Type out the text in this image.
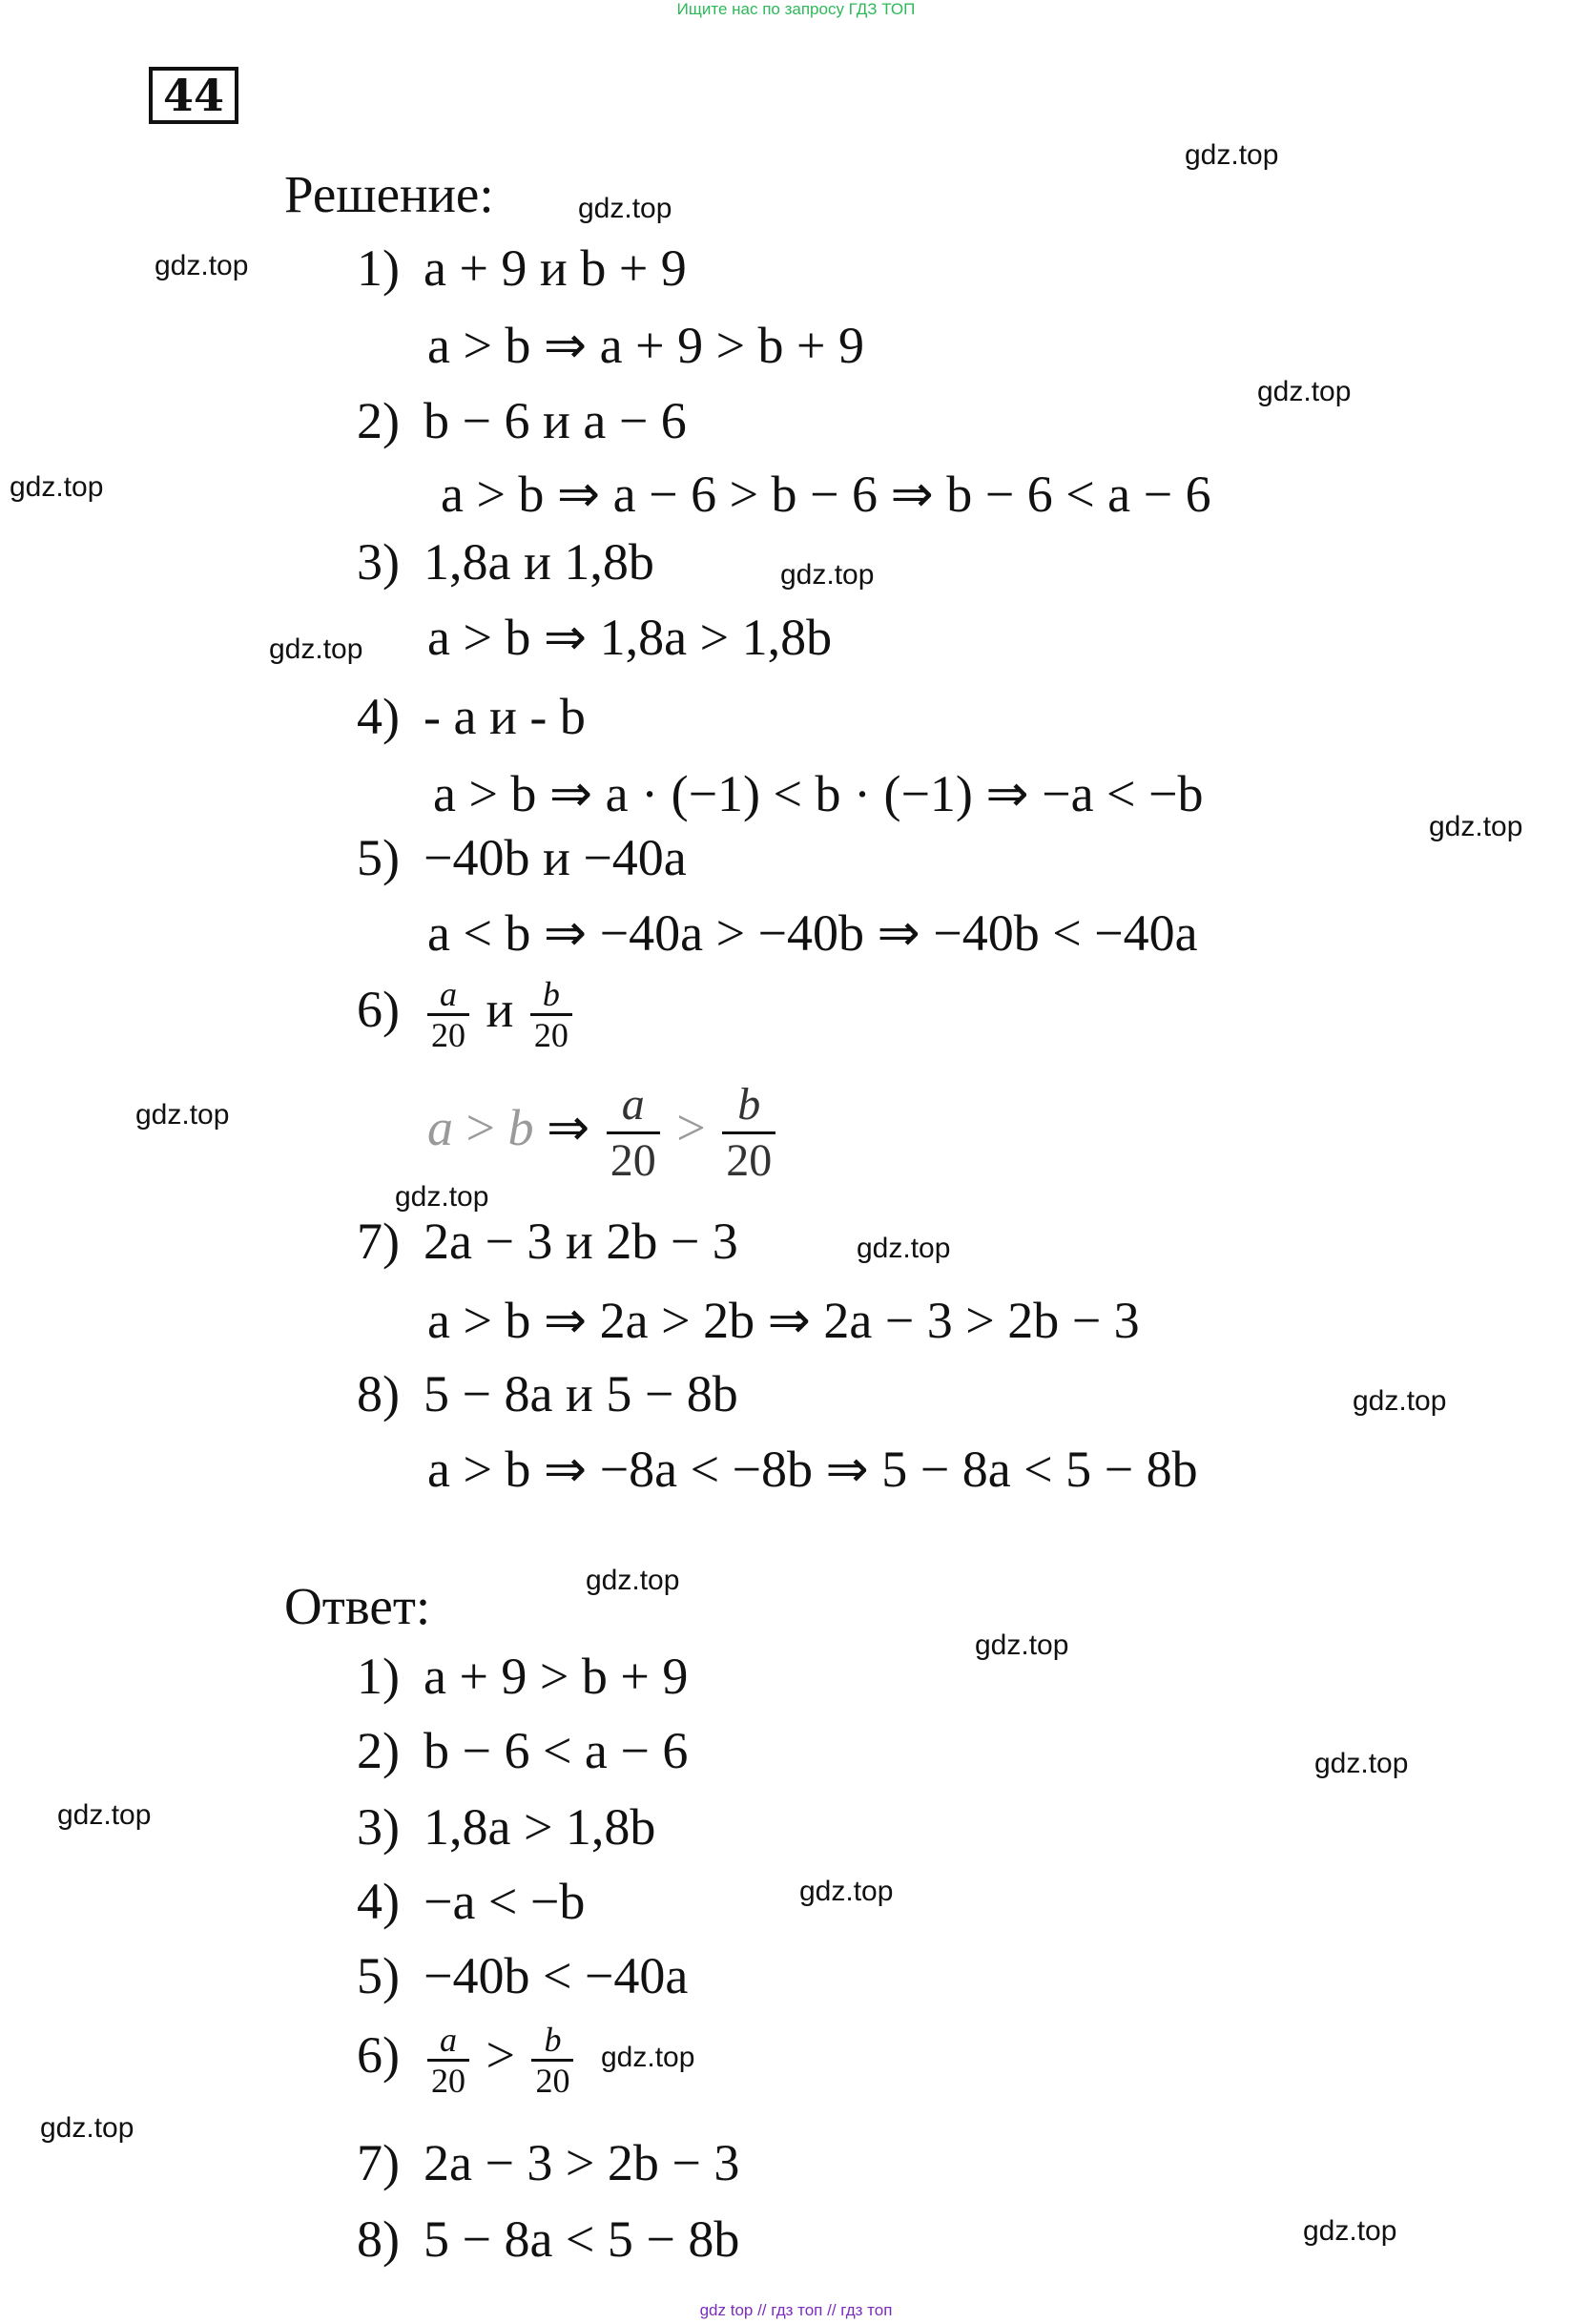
Ищите нас по запросу ГДЗ ТОП
44
Решение:
1) a + 9 и b + 9
a > b ⇒ a + 9 > b + 9
2) b − 6 и a − 6
a > b ⇒ a − 6 > b − 6 ⇒ b − 6 < a − 6
3) 1,8a и 1,8b
a > b ⇒ 1,8a > 1,8b
4) - a и - b
a > b ⇒ a · (−1) < b · (−1) ⇒ −a < −b
5) −40b и −40a
a < b ⇒ −40a > −40b ⇒ −40b < −40a
$6) \frac{a}{20}$ и $\frac{b}{20}$
a > b ⇒ $\frac{a}{20} > \frac{b}{20}$
7) 2a − 3 и 2b − 3
a > b ⇒ 2a > 2b ⇒ 2a − 3 > 2b − 3
8) 5 − 8a и 5 − 8b
a > b ⇒ −8a < −8b ⇒ 5 − 8a < 5 − 8b
Ответ:
1) a + 9 > b + 9
2) b − 6 < a − 6
3) 1,8a > 1,8b
4) −a < −b
5) −40b < −40a
$6) \frac{a}{20} > \frac{b}{20}$
7) 2a − 3 > 2b − 3
8) 5 − 8a < 5 − 8b
gdz.top
gdz.top
gdz.top
gdz.top
gdz.top
gdz.top
gdz.top
gdz.top
gdz.top
gdz.top
gdz.top
gdz.top
gdz.top
gdz.top
gdz.top
gdz.top
gdz.top
gdz.top
gdz.top
gdz.top
gdz top // гдз топ // гдз топ
